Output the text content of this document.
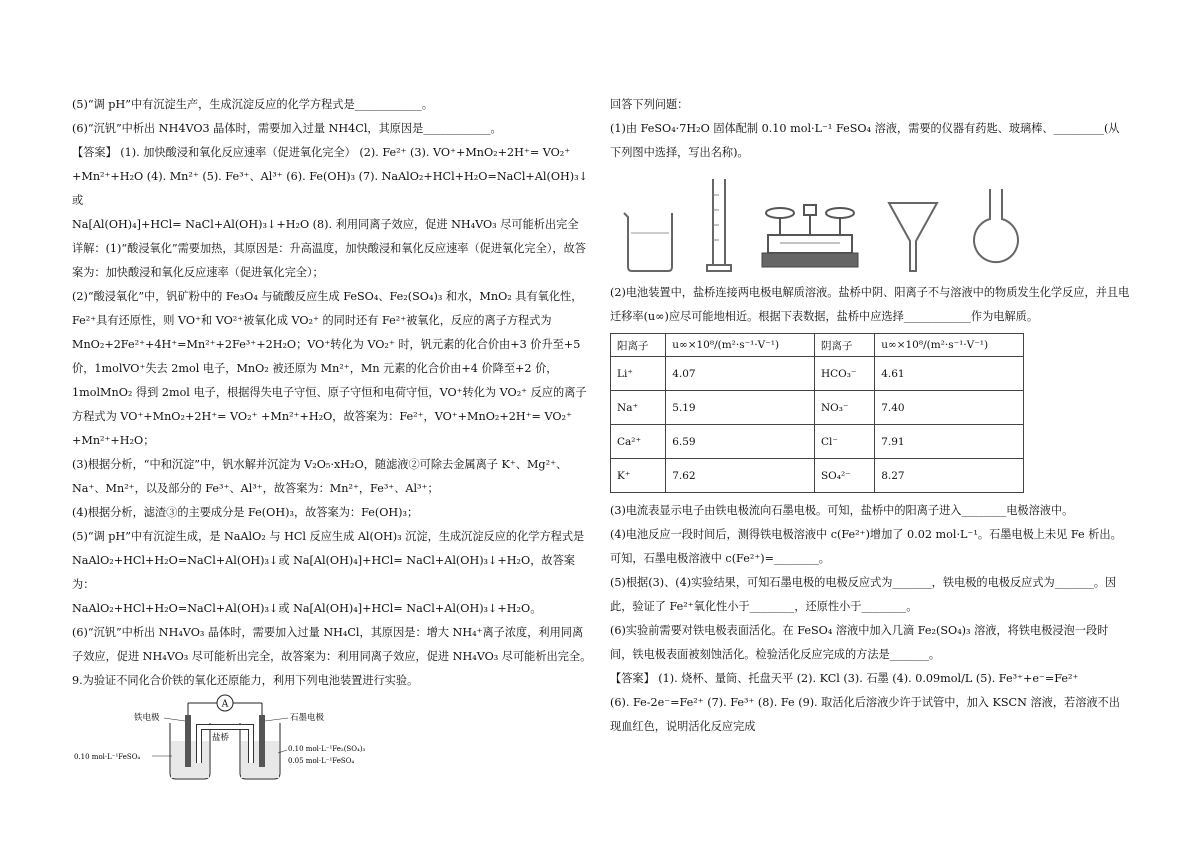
(5)“调 pH”中有沉淀生产，生成沉淀反应的化学方程式是____________。

(6)“沉钒”中析出 NH4VO3 晶体时，需要加入过量 NH4Cl，其原因是____________。

【答案】 (1). 加快酸浸和氧化反应速率（促进氧化完全） (2). Fe²⁺ (3). VO⁺+MnO₂+2H⁺= VO₂⁺

+Mn²⁺+H₂O (4). Mn²⁺ (5). Fe³⁺、Al³⁺ (6). Fe(OH)₃ (7). NaAlO₂+HCl+H₂O=NaCl+Al(OH)₃↓或

Na[Al(OH)₄]+HCl= NaCl+Al(OH)₃↓+H₂O (8). 利用同离子效应，促进 NH₄VO₃ 尽可能析出完全

详解：(1)“酸浸氧化”需要加热，其原因是：升高温度，加快酸浸和氧化反应速率（促进氧化完全），故答案为：加快酸浸和氧化反应速率（促进氧化完全）；

(2)“酸浸氧化”中，钒矿粉中的 Fe₃O₄ 与硫酸反应生成 FeSO₄、Fe₂(SO₄)₃ 和水，MnO₂ 具有氧化性，Fe²⁺具有还原性，则 VO⁺和 VO²⁺被氧化成 VO₂⁺ 的同时还有 Fe²⁺被氧化，反应的离子方程式为

MnO₂+2Fe²⁺+4H⁺=Mn²⁺+2Fe³⁺+2H₂O；VO⁺转化为 VO₂⁺ 时，钒元素的化合价由+3 价升至+5 价，1molVO⁺失去 2mol 电子，MnO₂ 被还原为 Mn²⁺，Mn 元素的化合价由+4 价降至+2 价，1molMnO₂ 得到 2mol 电子，根据得失电子守恒、原子守恒和电荷守恒，VO⁺转化为 VO₂⁺ 反应的离子方程式为 VO⁺+MnO₂+2H⁺= VO₂⁺ +Mn²⁺+H₂O，故答案为：Fe²⁺，VO⁺+MnO₂+2H⁺= VO₂⁺ +Mn²⁺+H₂O；

(3)根据分析，“中和沉淀”中，钒水解并沉淀为 V₂O₅·xH₂O，随滤液②可除去金属离子 K⁺、Mg²⁺、Na⁺、Mn²⁺，以及部分的 Fe³⁺、Al³⁺，故答案为：Mn²⁺，Fe³⁺、Al³⁺；

(4)根据分析，滤渣③的主要成分是 Fe(OH)₃，故答案为：Fe(OH)₃；

(5)“调 pH”中有沉淀生成，是 NaAlO₂ 与 HCl 反应生成 Al(OH)₃ 沉淀，生成沉淀反应的化学方程式是 NaAlO₂+HCl+H₂O=NaCl+Al(OH)₃↓或 Na[Al(OH)₄]+HCl= NaCl+Al(OH)₃↓+H₂O，故答案为：

NaAlO₂+HCl+H₂O=NaCl+Al(OH)₃↓或 Na[Al(OH)₄]+HCl= NaCl+Al(OH)₃↓+H₂O。

(6)“沉钒”中析出 NH₄VO₃ 晶体时，需要加入过量 NH₄Cl，其原因是：增大 NH₄⁺离子浓度，利用同离子效应，促进 NH₄VO₃ 尽可能析出完全，故答案为：利用同离子效应，促进 NH₄VO₃ 尽可能析出完全。

9.为验证不同化合价铁的氧化还原能力，利用下列电池装置进行实验。

A
铁电极	石墨电极
盐桥
0.10 mol·L⁻¹FeSO₄
0.10 mol·L⁻¹Fe₂(SO₄)₃
0.05 mol·L⁻¹FeSO₄

回答下列问题：

(1)由 FeSO₄·7H₂O 固体配制 0.10 mol·L⁻¹ FeSO₄ 溶液，需要的仪器有药匙、玻璃棒、_________(从下列图中选择，写出名称)。

(2)电池装置中，盐桥连接两电极电解质溶液。盐桥中阴、阳离子不与溶液中的物质发生化学反应，并且电迁移率(u∞)应尽可能地相近。根据下表数据，盐桥中应选择____________作为电解质。

阳离子	u∞×10⁸/(m²·s⁻¹·V⁻¹)	阴离子	u∞×10⁸/(m²·s⁻¹·V⁻¹)
Li⁺	4.07	HCO₃⁻	4.61
Na⁺	5.19	NO₃⁻	7.40
Ca²⁺	6.59	Cl⁻	7.91
K⁺	7.62	SO₄²⁻	8.27

(3)电流表显示电子由铁电极流向石墨电极。可知，盐桥中的阳离子进入________电极溶液中。

(4)电池反应一段时间后，测得铁电极溶液中 c(Fe²⁺)增加了 0.02 mol·L⁻¹。石墨电极上未见 Fe 析出。可知，石墨电极溶液中 c(Fe²⁺)=________。

(5)根据(3)、(4)实验结果，可知石墨电极的电极反应式为_______，铁电极的电极反应式为_______。因此，验证了 Fe²⁺氧化性小于________，还原性小于________。

(6)实验前需要对铁电极表面活化。在 FeSO₄ 溶液中加入几滴 Fe₂(SO₄)₃ 溶液，将铁电极浸泡一段时间，铁电极表面被刻蚀活化。检验活化反应完成的方法是_______。

【答案】 (1). 烧杯、量筒、托盘天平 (2). KCl (3). 石墨 (4). 0.09mol/L (5). Fe³⁺+e⁻=Fe²⁺

(6). Fe-2e⁻=Fe²⁺ (7). Fe³⁺ (8). Fe (9). 取活化后溶液少许于试管中，加入 KSCN 溶液，若溶液不出现血红色，说明活化反应完成
